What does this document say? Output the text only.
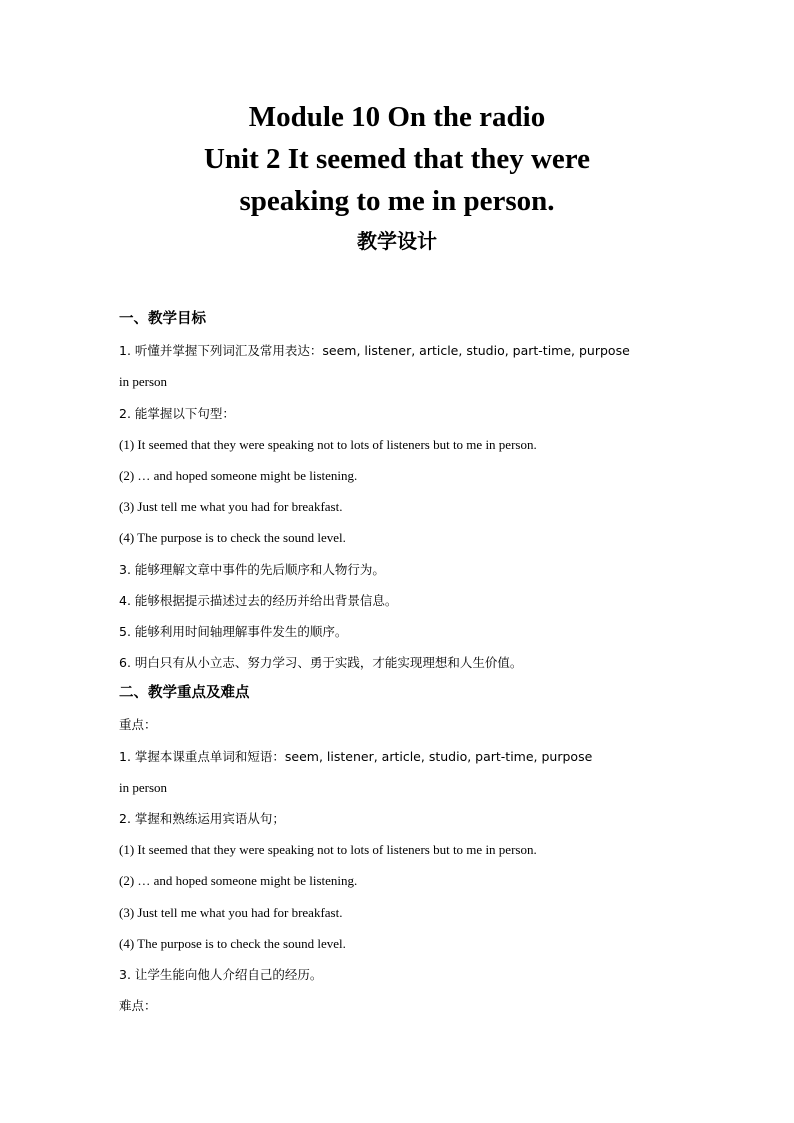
Module 10 On the radio
Unit 2 It seemed that they were
speaking to me in person.
教学设计
一、教学目标
1. 听懂并掌握下列词汇及常用表达：seem, listener, article, studio, part-time, purpose
in person
2. 能掌握以下句型：
(1) It seemed that they were speaking not to lots of listeners but to me in person.
(2) … and hoped someone might be listening.
(3) Just tell me what you had for breakfast.
(4) The purpose is to check the sound level.
3. 能够理解文章中事件的先后顺序和人物行为。
4. 能够根据提示描述过去的经历并给出背景信息。
5. 能够利用时间轴理解事件发生的顺序。
6. 明白只有从小立志、努力学习、勇于实践，才能实现理想和人生价值。
二、教学重点及难点
重点：
1. 掌握本课重点单词和短语：seem, listener, article, studio, part-time, purpose
in person
2. 掌握和熟练运用宾语从句；
(1) It seemed that they were speaking not to lots of listeners but to me in person.
(2) … and hoped someone might be listening.
(3) Just tell me what you had for breakfast.
(4) The purpose is to check the sound level.
3. 让学生能向他人介绍自己的经历。
难点：
